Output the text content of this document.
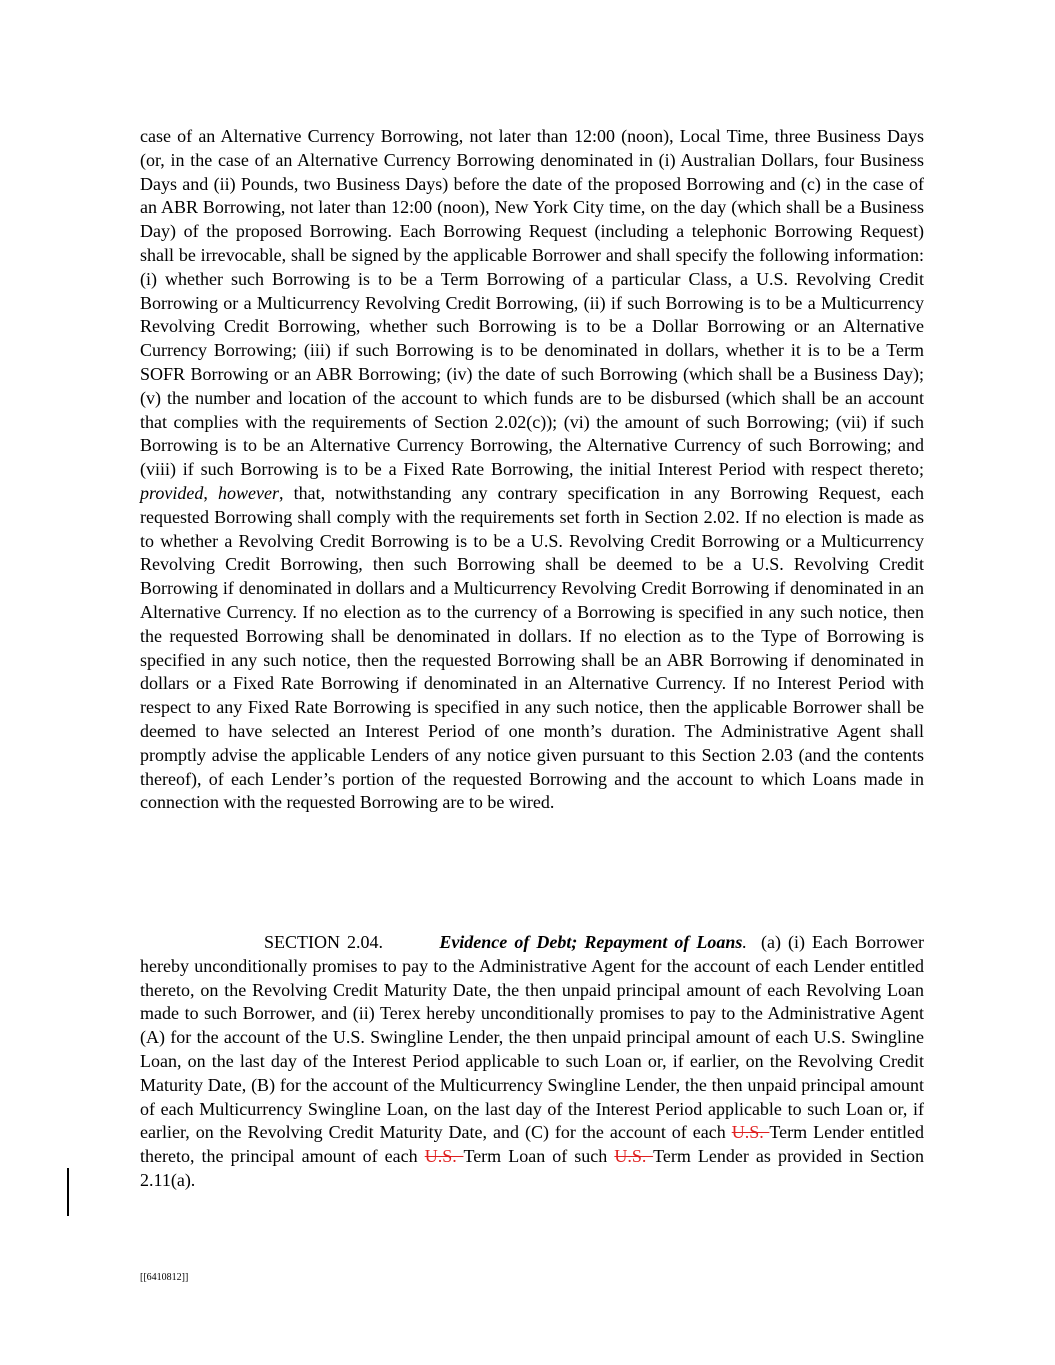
case of an Alternative Currency Borrowing, not later than 12:00 (noon), Local Time, three Business Days (or, in the case of an Alternative Currency Borrowing denominated in (i) Australian Dollars, four Business Days and (ii) Pounds, two Business Days) before the date of the proposed Borrowing and (c) in the case of an ABR Borrowing, not later than 12:00 (noon), New York City time, on the day (which shall be a Business Day) of the proposed Borrowing. Each Borrowing Request (including a telephonic Borrowing Request) shall be irrevocable, shall be signed by the applicable Borrower and shall specify the following information: (i) whether such Borrowing is to be a Term Borrowing of a particular Class, a U.S. Revolving Credit Borrowing or a Multicurrency Revolving Credit Borrowing, (ii) if such Borrowing is to be a Multicurrency Revolving Credit Borrowing, whether such Borrowing is to be a Dollar Borrowing or an Alternative Currency Borrowing; (iii) if such Borrowing is to be denominated in dollars, whether it is to be a Term SOFR Borrowing or an ABR Borrowing; (iv) the date of such Borrowing (which shall be a Business Day); (v) the number and location of the account to which funds are to be disbursed (which shall be an account that complies with the requirements of Section 2.02(c)); (vi) the amount of such Borrowing; (vii) if such Borrowing is to be an Alternative Currency Borrowing, the Alternative Currency of such Borrowing; and (viii) if such Borrowing is to be a Fixed Rate Borrowing, the initial Interest Period with respect thereto; provided, however, that, notwithstanding any contrary specification in any Borrowing Request, each requested Borrowing shall comply with the requirements set forth in Section 2.02. If no election is made as to whether a Revolving Credit Borrowing is to be a U.S. Revolving Credit Borrowing or a Multicurrency Revolving Credit Borrowing, then such Borrowing shall be deemed to be a U.S. Revolving Credit Borrowing if denominated in dollars and a Multicurrency Revolving Credit Borrowing if denominated in an Alternative Currency. If no election as to the currency of a Borrowing is specified in any such notice, then the requested Borrowing shall be denominated in dollars. If no election as to the Type of Borrowing is specified in any such notice, then the requested Borrowing shall be an ABR Borrowing if denominated in dollars or a Fixed Rate Borrowing if denominated in an Alternative Currency. If no Interest Period with respect to any Fixed Rate Borrowing is specified in any such notice, then the applicable Borrower shall be deemed to have selected an Interest Period of one month’s duration. The Administrative Agent shall promptly advise the applicable Lenders of any notice given pursuant to this Section 2.03 (and the contents thereof), of each Lender’s portion of the requested Borrowing and the account to which Loans made in connection with the requested Borrowing are to be wired.

SECTION 2.04.	Evidence of Debt; Repayment of Loans. (a) (i) Each Borrower hereby unconditionally promises to pay to the Administrative Agent for the account of each Lender entitled thereto, on the Revolving Credit Maturity Date, the then unpaid principal amount of each Revolving Loan made to such Borrower, and (ii) Terex hereby unconditionally promises to pay to the Administrative Agent (A) for the account of the U.S. Swingline Lender, the then unpaid principal amount of each U.S. Swingline Loan, on the last day of the Interest Period applicable to such Loan or, if earlier, on the Revolving Credit Maturity Date, (B) for the account of the Multicurrency Swingline Lender, the then unpaid principal amount of each Multicurrency Swingline Loan, on the last day of the Interest Period applicable to such Loan or, if earlier, on the Revolving Credit Maturity Date, and (C) for the account of each U.S. Term Lender entitled thereto, the principal amount of each U.S. Term Loan of such U.S. Term Lender as provided in Section 2.11(a).

[[6410812]]
